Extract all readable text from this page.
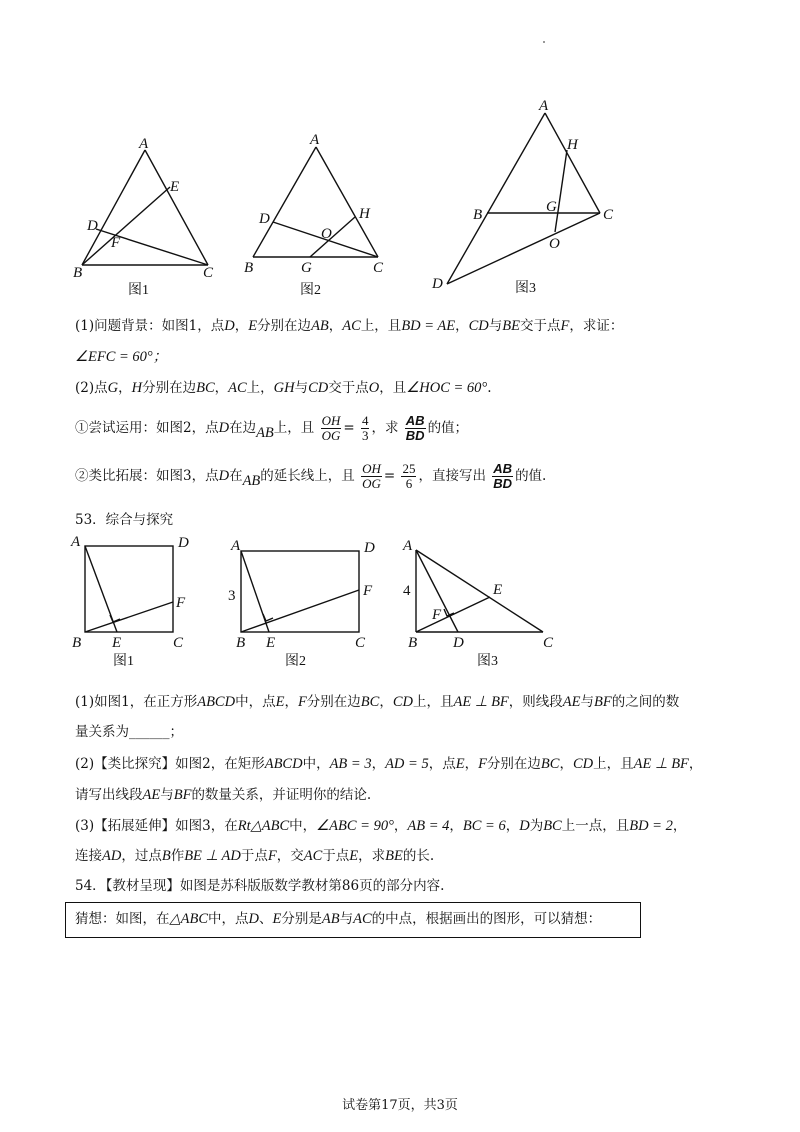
A
E
D
F
B	C
图1
A
D	H
O
B	G	C
图2
A
H
B	G	C
O
D	图3
(1)问题背景：如图1，点D，E分别在边AB，AC上，且BD = AE，CD与BE交于点F，求证：
∠EFC = 60°；
(2)点G，H分别在边BC，AC上，GH与CD交于点O，且∠HOC = 60°.
①尝试运用：如图2，点D在边AB上，且 $\frac{OH}{OG} = \frac{4}{3}$ ，求 $\frac{AB}{BD}$ 的值；
②类比拓展：如图3，点D在AB的延长线上，且 $\frac{OH}{OG} = \frac{25}{6}$ ，直接写出 $\frac{AB}{BD}$ 的值.
53．综合与探究
A	D
F
B E	C
图1
A	D
3	F
B E	C
图2
A
4	E
F
B D	C
图3
(1)如图1，在正方形ABCD中，点E，F分别在边BC，CD上，且AE ⊥ BF，则线段AE与BF的之间的数
量关系为______；
(2)【类比探究】如图2，在矩形ABCD中，AB = 3，AD = 5，点E，F分别在边BC，CD上，且AE ⊥ BF，
请写出线段AE与BF的数量关系，并证明你的结论.
(3)【拓展延伸】如图3，在Rt△ABC中，∠ABC = 90°，AB = 4，BC = 6，D为BC上一点，且BD = 2，
连接AD，过点B作BE ⊥ AD于点F，交AC于点E，求BE的长.
54．【教材呈现】如图是苏科版版数学教材第86页的部分内容.
猜想：如图，在△ABC中，点D、E分别是AB与AC的中点，根据画出的图形，可以猜想：
试卷第17页，共3页
